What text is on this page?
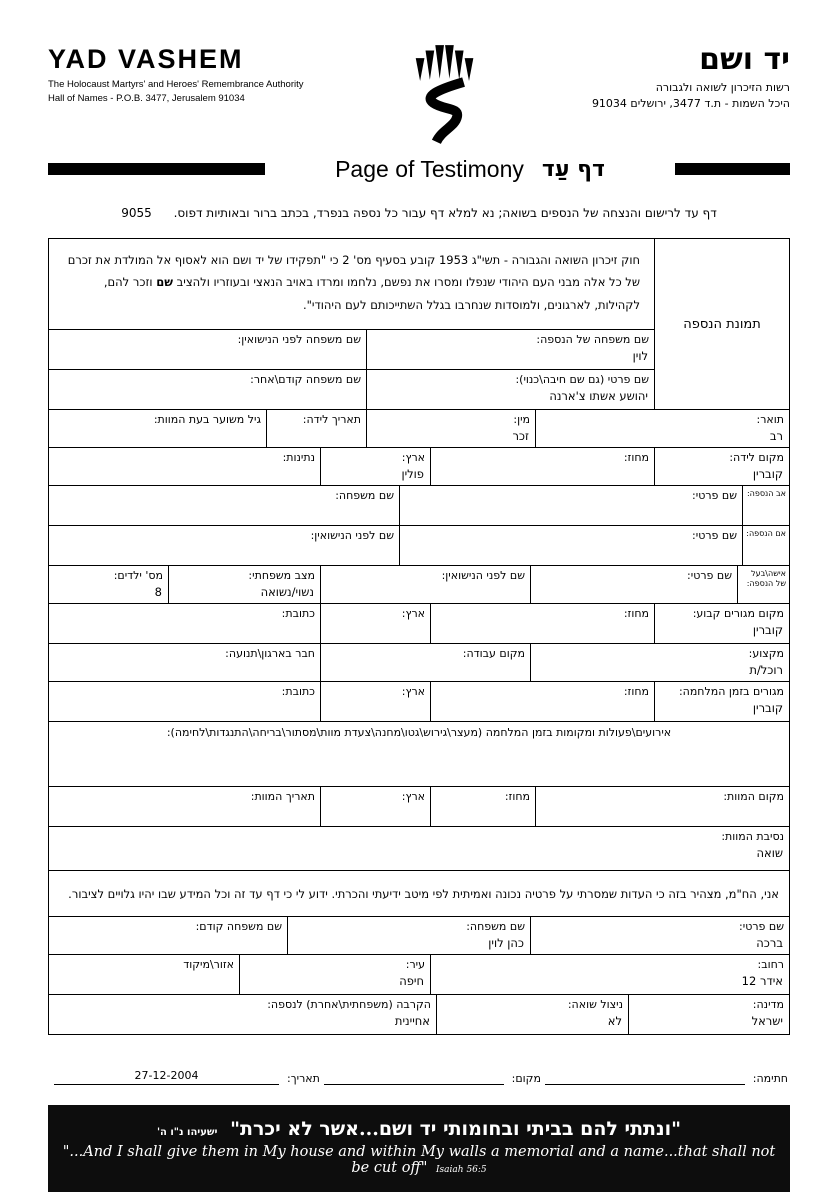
YAD VASHEM
The Holocaust Martyrs' and Heroes' Remembrance Authority
Hall of Names - P.O.B. 3477, Jerusalem 91034
יד ושם
רשות הזיכרון לשואה ולגבורה
היכל השמות - ת.ד 3477, ירושלים 91034
Page of Testimony דף עַד
דף עד לרישום והנצחה של הנספים בשואה; נא למלא דף עבור כל נספה בנפרד, בכתב ברור ובאותיות דפוס. 9055
תמונת הנספה
חוק זיכרון השואה והגבורה - תשי"ג 1953 קובע בסעיף מס' 2 כי "תפקידו של יד ושם הוא לאסוף אל המולדת את זכרם של כל אלה מבני העם היהודי שנפלו ומסרו את נפשם, נלחמו ומרדו באויב הנאצי ובעוזריו ולהציב שם וזכר להם, לקהילות, לארגונים, ולמוסדות שנחרבו בגלל השתייכותם לעם היהודי".
שם משפחה של הנספה:
לוין
שם משפחה לפני הנישואין:
שם פרטי (גם שם חיבה\כנוי):
יהושע אשתו צ'ארנה
שם משפחה קודם\אחר:
תואר:
רב
מין:
זכר
תאריך לידה:
גיל משוער בעת המוות:
מקום לידה:
קוברין
מחוז:
ארץ:
פולין
נתינות:
אב הנספה:
שם פרטי:
שם משפחה:
אם הנספה:
שם פרטי:
שם לפני הנישואין:
אישה\בעל של הנספה:
שם פרטי:
שם לפני הנישואין:
מצב משפחתי:
נשוי/נשואה
מס' ילדים:
8
מקום מגורים קבוע:
קוברין
מחוז:
ארץ:
כתובת:
מקצוע:
רוכל/ת
מקום עבודה:
חבר בארגון\תנועה:
מגורים בזמן המלחמה:
קוברין
מחוז:
ארץ:
כתובת:
אירועים\פעולות ומקומות בזמן המלחמה (מעצר\גירוש\גטו\מחנה\צעדת מוות\מסתור\בריחה\התנגדות\לחימה):
מקום המוות:
מחוז:
ארץ:
תאריך המוות:
נסיבת המוות:
שואה
אני, הח"מ, מצהיר בזה כי העדות שמסרתי על פרטיה נכונה ואמיתית לפי מיטב ידיעתי והכרתי. ידוע לי כי דף עד זה וכל המידע שבו יהיו גלויים לציבור.
שם פרטי:
ברכה
שם משפחה:
כהן לוין
שם משפחה קודם:
רחוב:
אידר 12
עיר:
חיפה
אזור\מיקוד
מדינה:
ישראל
ניצול שואה:
לא
הקרבה (משפחתית\אחרת) לנספה:
אחיינית
חתימה:
מקום:
תאריך:
27-12-2004
"ונתתי להם בביתי ובחומותי יד ושם...אשר לא יכרת" ישעיהו נ"ו ה'
"...And I shall give them in My house and within My walls a memorial and a name...that shall not be cut off" Isaiah 56:5
